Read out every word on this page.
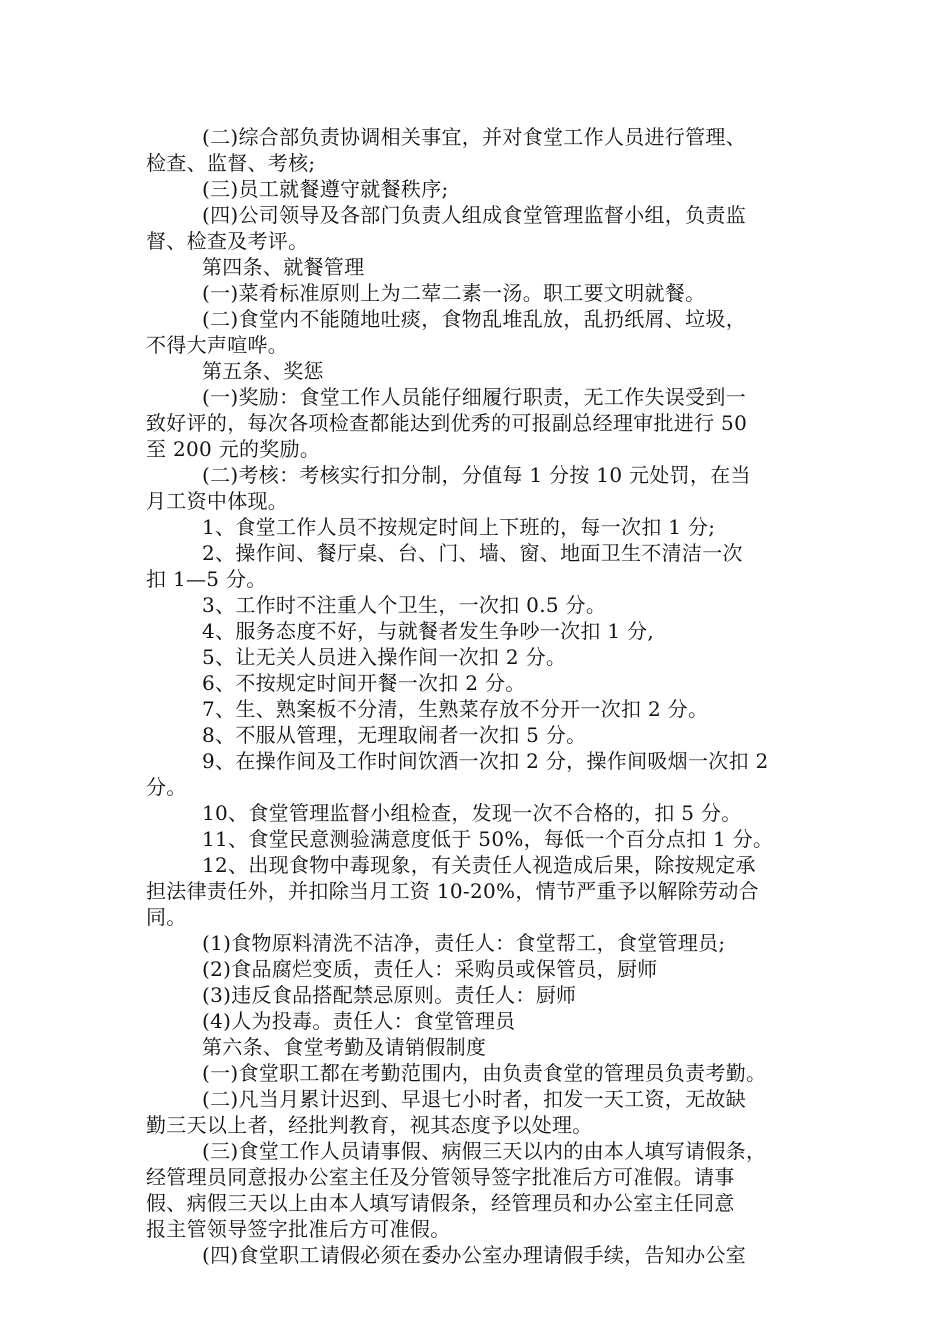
(二)综合部负责协调相关事宜，并对食堂工作人员进行管理、
检查、监督、考核;
(三)员工就餐遵守就餐秩序;
(四)公司领导及各部门负责人组成食堂管理监督小组，负责监
督、检查及考评。
第四条、就餐管理
(一)菜肴标准原则上为二荤二素一汤。职工要文明就餐。
(二)食堂内不能随地吐痰，食物乱堆乱放，乱扔纸屑、垃圾，
不得大声喧哗。
第五条、奖惩
(一)奖励：食堂工作人员能仔细履行职责，无工作失误受到一
致好评的，每次各项检查都能达到优秀的可报副总经理审批进行 50
至 200 元的奖励。
(二)考核：考核实行扣分制，分值每 1 分按 10 元处罚，在当
月工资中体现。
1、食堂工作人员不按规定时间上下班的，每一次扣 1 分;
2、操作间、餐厅桌、台、门、墙、窗、地面卫生不清洁一次
扣 1—5 分。
3、工作时不注重人个卫生，一次扣 0.5 分。
4、服务态度不好，与就餐者发生争吵一次扣 1 分,
5、让无关人员进入操作间一次扣 2 分。
6、不按规定时间开餐一次扣 2 分。
7、生、熟案板不分清，生熟菜存放不分开一次扣 2 分。
8、不服从管理，无理取闹者一次扣 5 分。
9、在操作间及工作时间饮酒一次扣 2 分，操作间吸烟一次扣 2
分。
10、食堂管理监督小组检查，发现一次不合格的，扣 5 分。
11、食堂民意测验满意度低于 50%，每低一个百分点扣 1 分。
12、出现食物中毒现象，有关责任人视造成后果，除按规定承
担法律责任外，并扣除当月工资 10-20%，情节严重予以解除劳动合
同。
(1)食物原料清洗不洁净，责任人：食堂帮工，食堂管理员;
(2)食品腐烂变质，责任人：采购员或保管员，厨师
(3)违反食品搭配禁忌原则。责任人：厨师
(4)人为投毒。责任人：食堂管理员
第六条、食堂考勤及请销假制度
(一)食堂职工都在考勤范围内，由负责食堂的管理员负责考勤。
(二)凡当月累计迟到、早退七小时者，扣发一天工资，无故缺
勤三天以上者，经批判教育，视其态度予以处理。
(三)食堂工作人员请事假、病假三天以内的由本人填写请假条，
经管理员同意报办公室主任及分管领导签字批准后方可准假。请事
假、病假三天以上由本人填写请假条，经管理员和办公室主任同意
报主管领导签字批准后方可准假。
(四)食堂职工请假必须在委办公室办理请假手续，告知办公室
